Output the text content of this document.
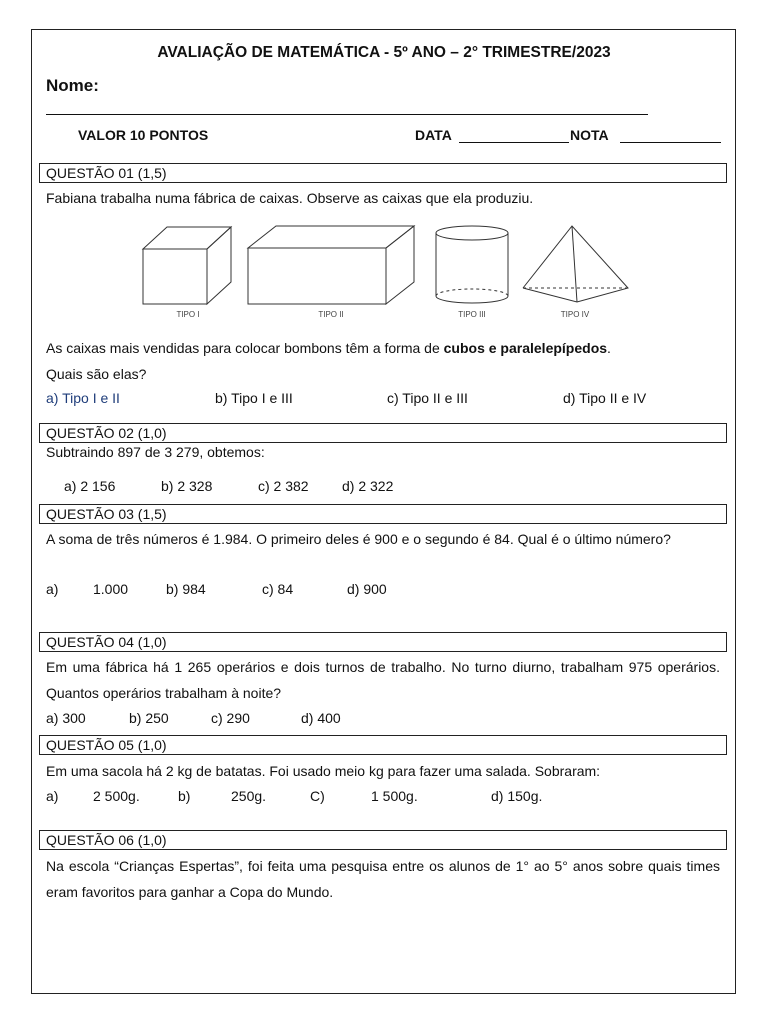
AVALIAÇÃO DE MATEMÁTICA - 5º ANO – 2° TRIMESTRE/2023
Nome:
VALOR 10 PONTOS	DATA	NOTA
QUESTÃO 01 (1,5)
Fabiana trabalha numa fábrica de caixas. Observe as caixas que ela produziu.
TIPO I	TIPO II	TIPO III	TIPO IV
As caixas mais vendidas para colocar bombons têm a forma de cubos e paralelepípedos.
Quais são elas?
a) Tipo I e II	b) Tipo I e III	c) Tipo II e III	d) Tipo II e IV
QUESTÃO 02 (1,0)
Subtraindo 897 de 3 279, obtemos:
a) 2 156	b) 2 328	c) 2 382 d) 2 322
QUESTÃO 03 (1,5)
A soma de três números é 1.984. O primeiro deles é 900 e o segundo é 84. Qual é o último número?
a) 1.000	b) 984	c) 84	d) 900
QUESTÃO 04 (1,0)
Em uma fábrica há 1 265 operários e dois turnos de trabalho. No turno diurno, trabalham 975 operários. Quantos operários trabalham à noite?
a) 300	b) 250	c) 290	d) 400
QUESTÃO 05 (1,0)
Em uma sacola há 2 kg de batatas. Foi usado meio kg para fazer uma salada. Sobraram:
a) 2 500g.	b)	250g.	C)	1 500g.	d) 150g.
QUESTÃO 06 (1,0)
Na escola “Crianças Espertas”, foi feita uma pesquisa entre os alunos de 1° ao 5° anos sobre quais times eram favoritos para ganhar a Copa do Mundo.
